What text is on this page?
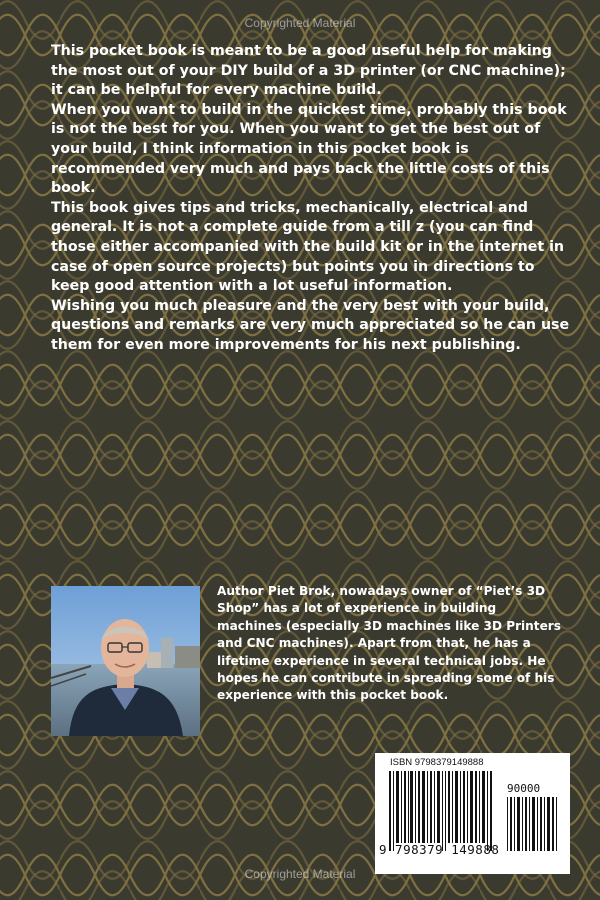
Copyrighted Material

This pocket book is meant to be a good useful help for making the most out of your DIY build of a 3D printer (or CNC machine); it can be helpful for every machine build.

When you want to build in the quickest time, probably this book is not the best for you. When you want to get the best out of your build, I think information in this pocket book is recommended very much and pays back the little costs of this book.

This book gives tips and tricks, mechanically, electrical and general. It is not a complete guide from a till z (you can find those either accompanied with the build kit or in the internet in case of open source projects) but points you in directions to keep good attention with a lot useful information.

Wishing you much pleasure and the very best with your build, questions and remarks are very much appreciated so he can use them for even more improvements for his next publishing.

Author Piet Brok, nowadays owner of “Piet’s 3D Shop” has a lot of experience in building machines (especially 3D machines like 3D Printers and CNC machines). Apart from that, he has a lifetime experience in several technical jobs. He hopes he can contribute in spreading some of his experience with this pocket book.
ISBN 9798379149888
90000
9 798379 149888
Copyrighted Material
